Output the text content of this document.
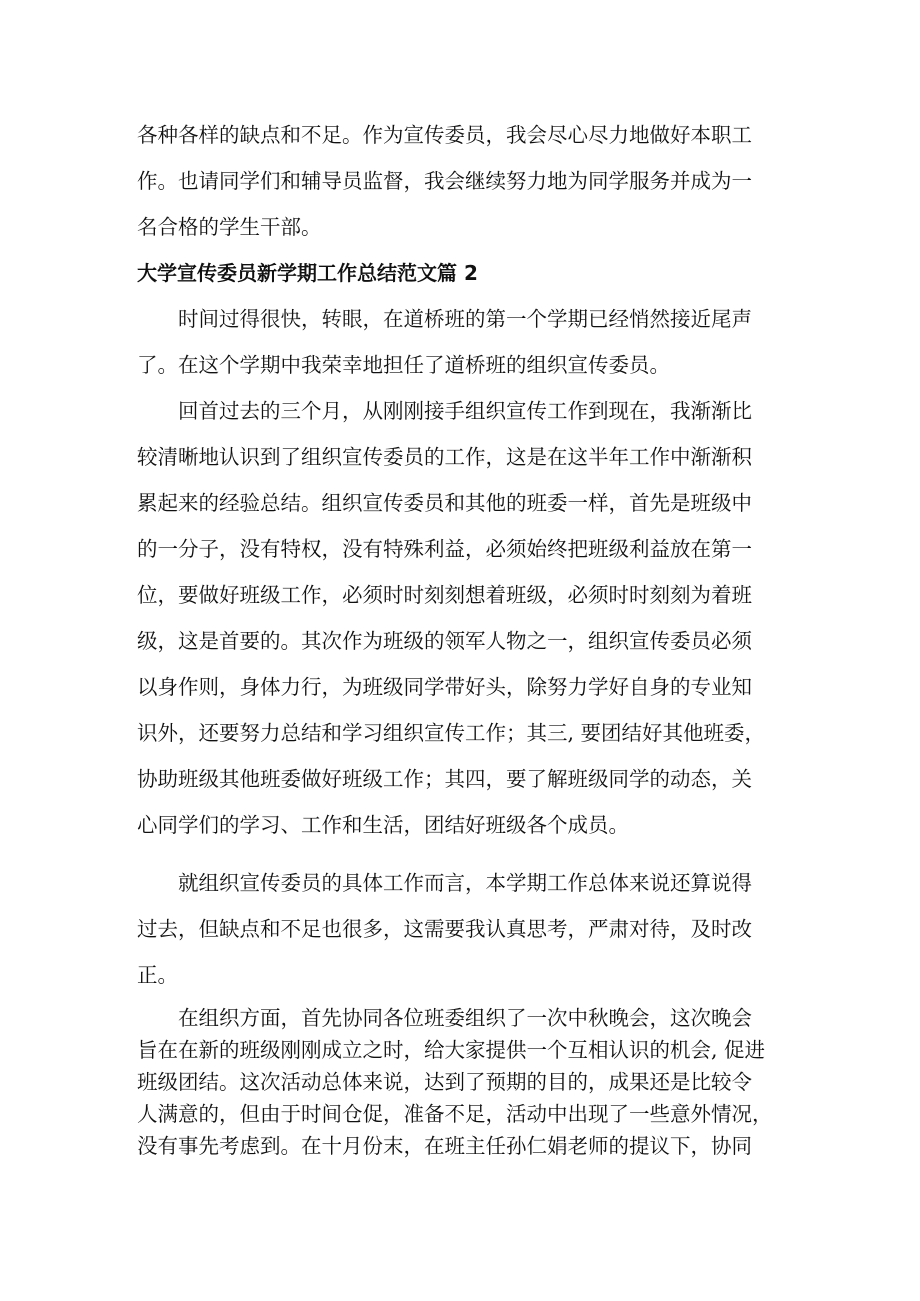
各种各样的缺点和不足。作为宣传委员，我会尽心尽力地做好本职工
作。也请同学们和辅导员监督，我会继续努力地为同学服务并成为一
名合格的学生干部。
大学宣传委员新学期工作总结范文篇 2
　　时间过得很快，转眼，在道桥班的第一个学期已经悄然接近尾声
了。在这个学期中我荣幸地担任了道桥班的组织宣传委员。
　　回首过去的三个月，从刚刚接手组织宣传工作到现在，我渐渐比
较清晰地认识到了组织宣传委员的工作，这是在这半年工作中渐渐积
累起来的经验总结。组织宣传委员和其他的班委一样，首先是班级中
的一分子，没有特权，没有特殊利益，必须始终把班级利益放在第一
位，要做好班级工作，必须时时刻刻想着班级，必须时时刻刻为着班
级，这是首要的。其次作为班级的领军人物之一，组织宣传委员必须
以身作则，身体力行，为班级同学带好头，除努力学好自身的专业知
识外，还要努力总结和学习组织宣传工作；其三, 要团结好其他班委，
协助班级其他班委做好班级工作；其四，要了解班级同学的动态，关
心同学们的学习、工作和生活，团结好班级各个成员。
　　就组织宣传委员的具体工作而言，本学期工作总体来说还算说得
过去，但缺点和不足也很多，这需要我认真思考，严肃对待，及时改
正。
　　在组织方面，首先协同各位班委组织了一次中秋晚会，这次晚会
旨在在新的班级刚刚成立之时，给大家提供一个互相认识的机会, 促进
班级团结。这次活动总体来说，达到了预期的目的，成果还是比较令
人满意的，但由于时间仓促，准备不足，活动中出现了一些意外情况，
没有事先考虑到。在十月份末，在班主任孙仁娟老师的提议下，协同
